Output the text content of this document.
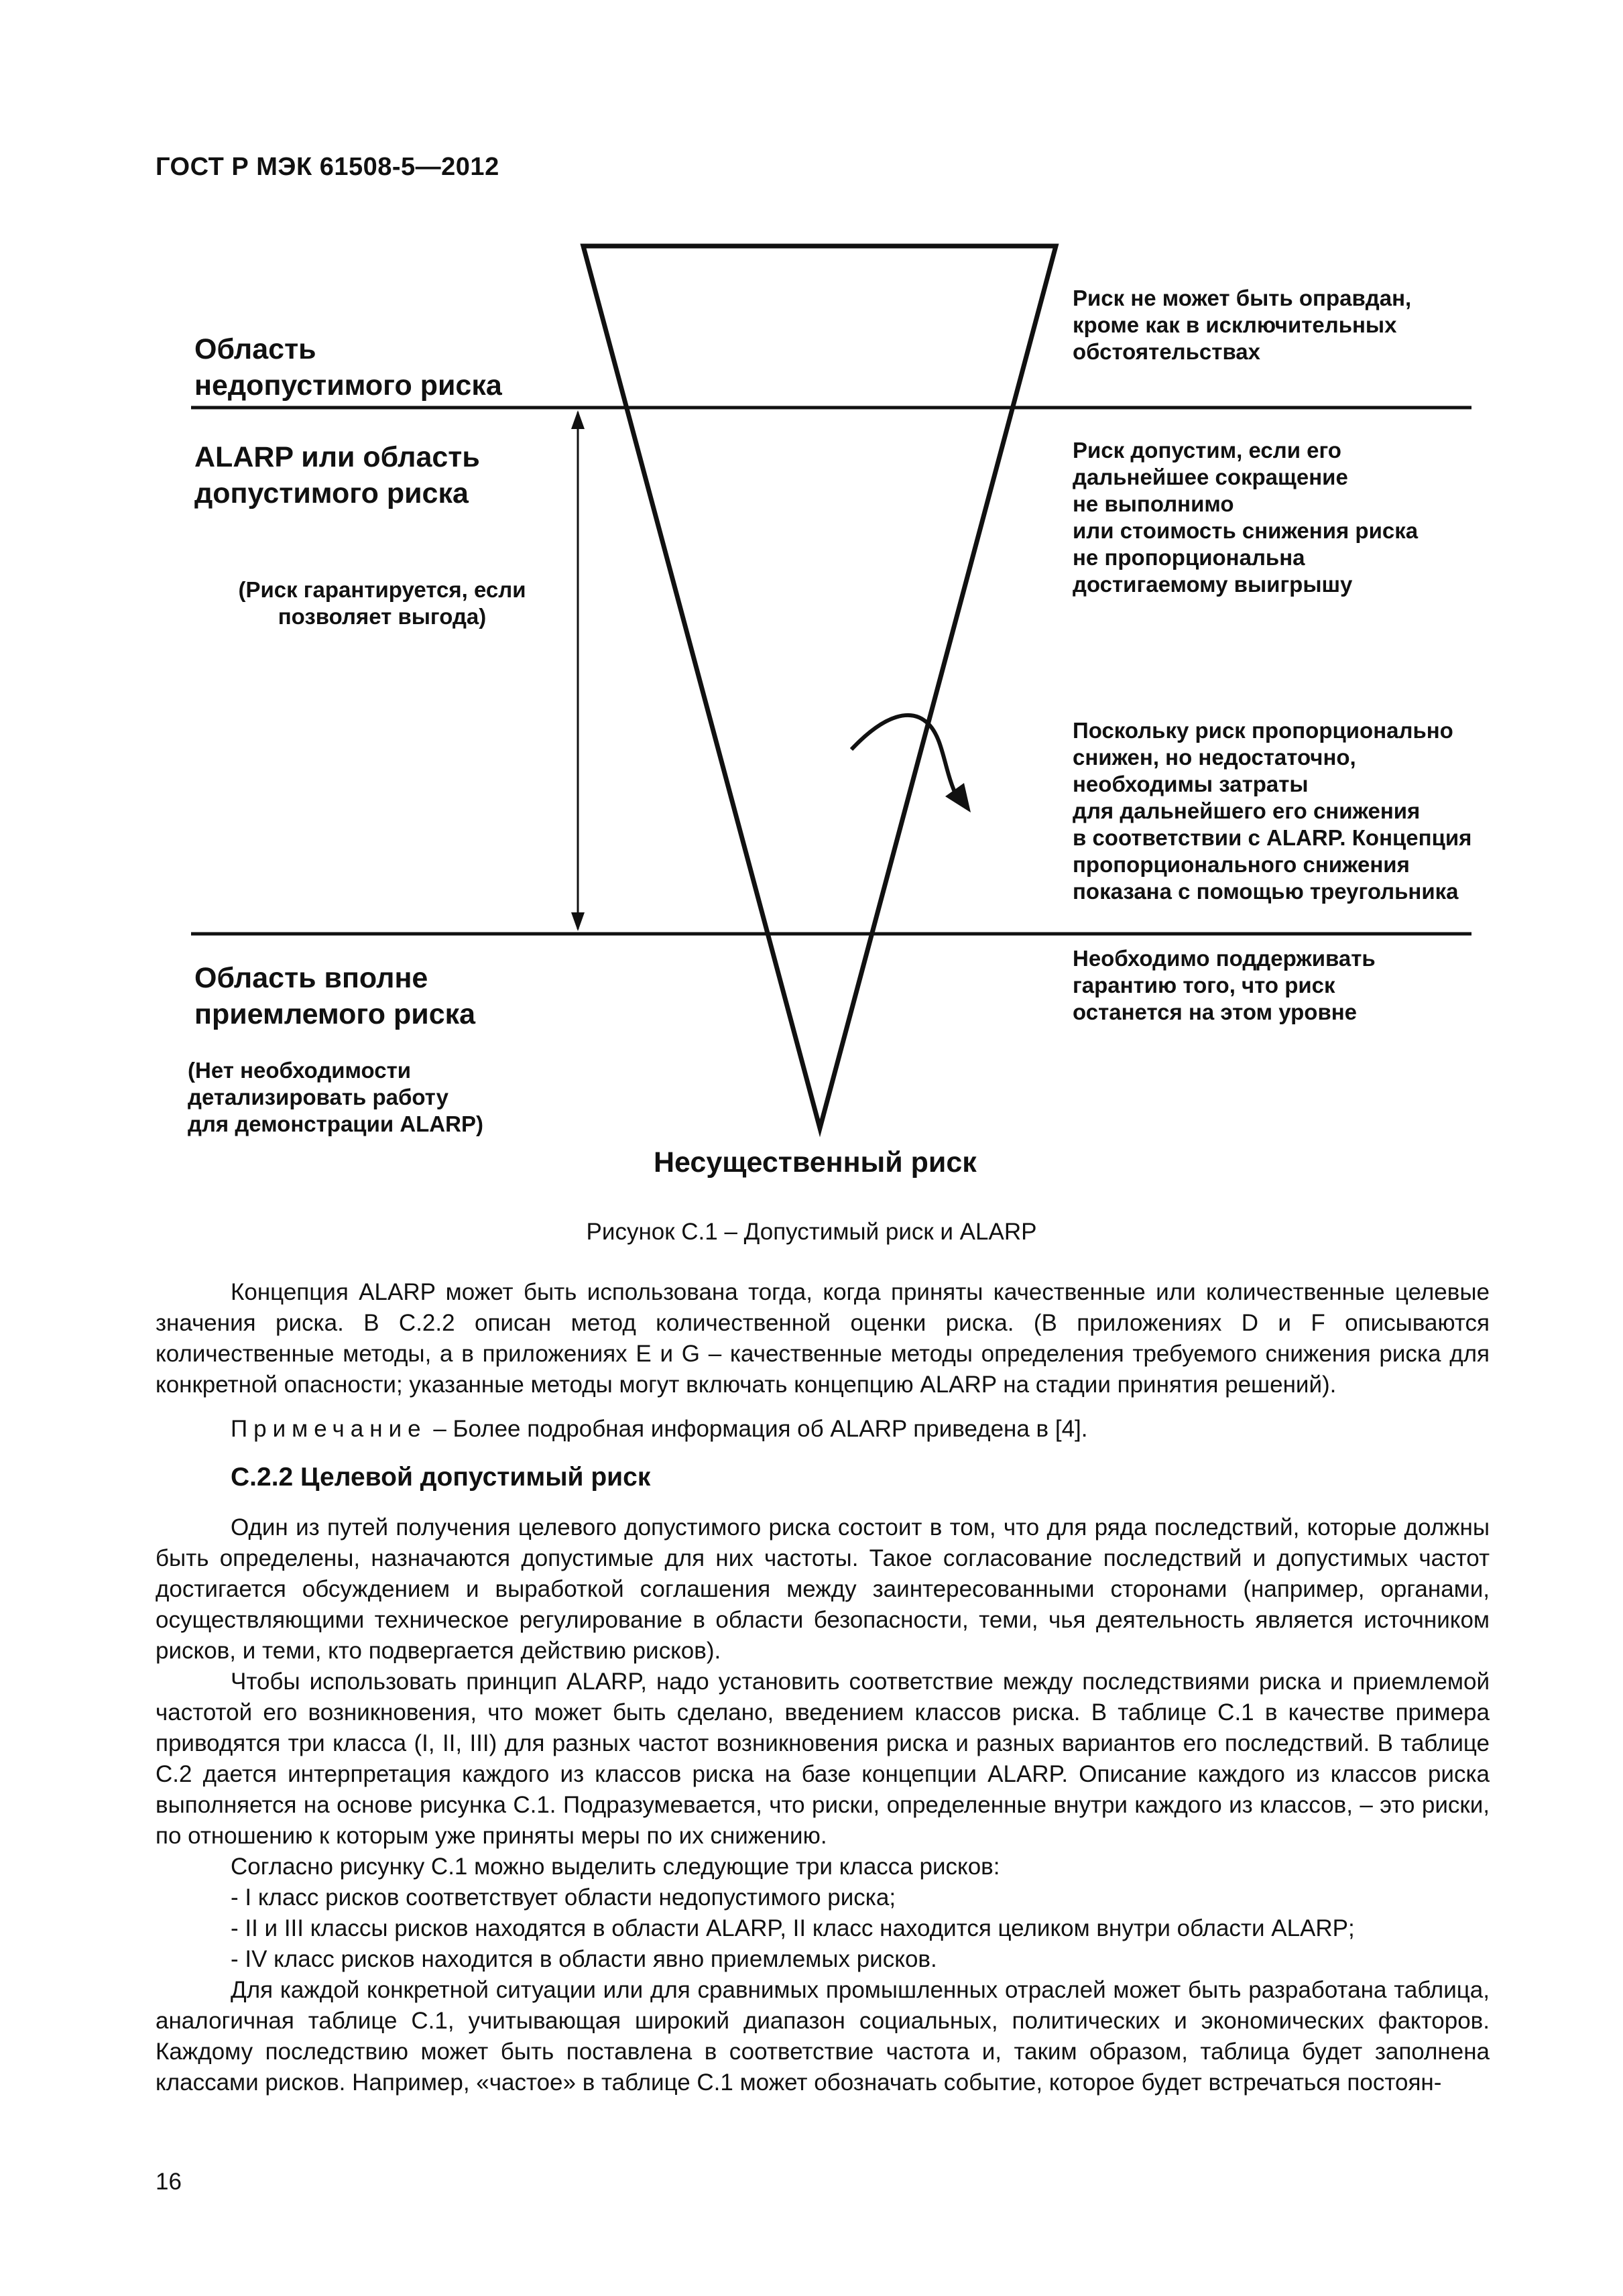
ГОСТ Р МЭК 61508-5—2012
Область
недопустимого риска
ALARP или область
допустимого риска
(Риск гарантируется, если
позволяет выгода)
Область вполне
приемлемого риска
(Нет необходимости
детализировать работу
для демонстрации ALARP)
Риск не может быть оправдан,
кроме как в исключительных
обстоятельствах
Риск допустим, если его
дальнейшее сокращение
не выполнимо
или стоимость снижения риска
не пропорциональна
достигаемому выигрышу
Поскольку риск пропорционально
снижен, но недостаточно,
необходимы затраты
для дальнейшего его снижения
в соответствии с ALARP. Концепция
пропорционального снижения
показана с помощью треугольника
Необходимо поддерживать
гарантию того, что риск
останется на этом уровне
Несущественный риск
Рисунок С.1 – Допустимый риск и ALARP

Концепция ALARP может быть использована тогда, когда приняты качественные или количественные целевые значения риска. В С.2.2 описан метод количественной оценки риска. (В приложениях D и F описываются количественные методы, а в приложениях E и G – качественные методы определения требуемого снижения риска для конкретной опасности; указанные методы могут включать концепцию ALARP на стадии принятия решений).

Примечание – Более подробная информация об ALARP приведена в [4].
С.2.2 Целевой допустимый риск

Один из путей получения целевого допустимого риска состоит в том, что для ряда последствий, которые должны быть определены, назначаются допустимые для них частоты. Такое согласование последствий и допустимых частот достигается обсуждением и выработкой соглашения между заинтересованными сторонами (например, органами, осуществляющими техническое регулирование в области безопасности, теми, чья деятельность является источником рисков, и теми, кто подвергается действию рисков).

Чтобы использовать принцип ALARP, надо установить соответствие между последствиями риска и приемлемой частотой его возникновения, что может быть сделано, введением классов риска. В таблице С.1 в качестве примера приводятся три класса (I, II, III) для разных частот возникновения риска и разных вариантов его последствий. В таблице С.2 дается интерпретация каждого из классов риска на базе концепции ALARP. Описание каждого из классов риска выполняется на основе рисунка С.1. Подразумевается, что риски, определенные внутри каждого из классов, – это риски, по отношению к которым уже приняты меры по их снижению.

Согласно рисунку С.1 можно выделить следующие три класса рисков:

- I класс рисков соответствует области недопустимого риска;

- II и III классы рисков находятся в области ALARP, II класс находится целиком внутри области ALARP;

- IV класс рисков находится в области явно приемлемых рисков.

Для каждой конкретной ситуации или для сравнимых промышленных отраслей может быть разработана таблица, аналогичная таблице С.1, учитывающая широкий диапазон социальных, политических и экономических факторов. Каждому последствию может быть поставлена в соответствие частота и, таким образом, таблица будет заполнена классами рисков. Например, «частое» в таблице С.1 может обозначать событие, которое будет встречаться постоян-

16
